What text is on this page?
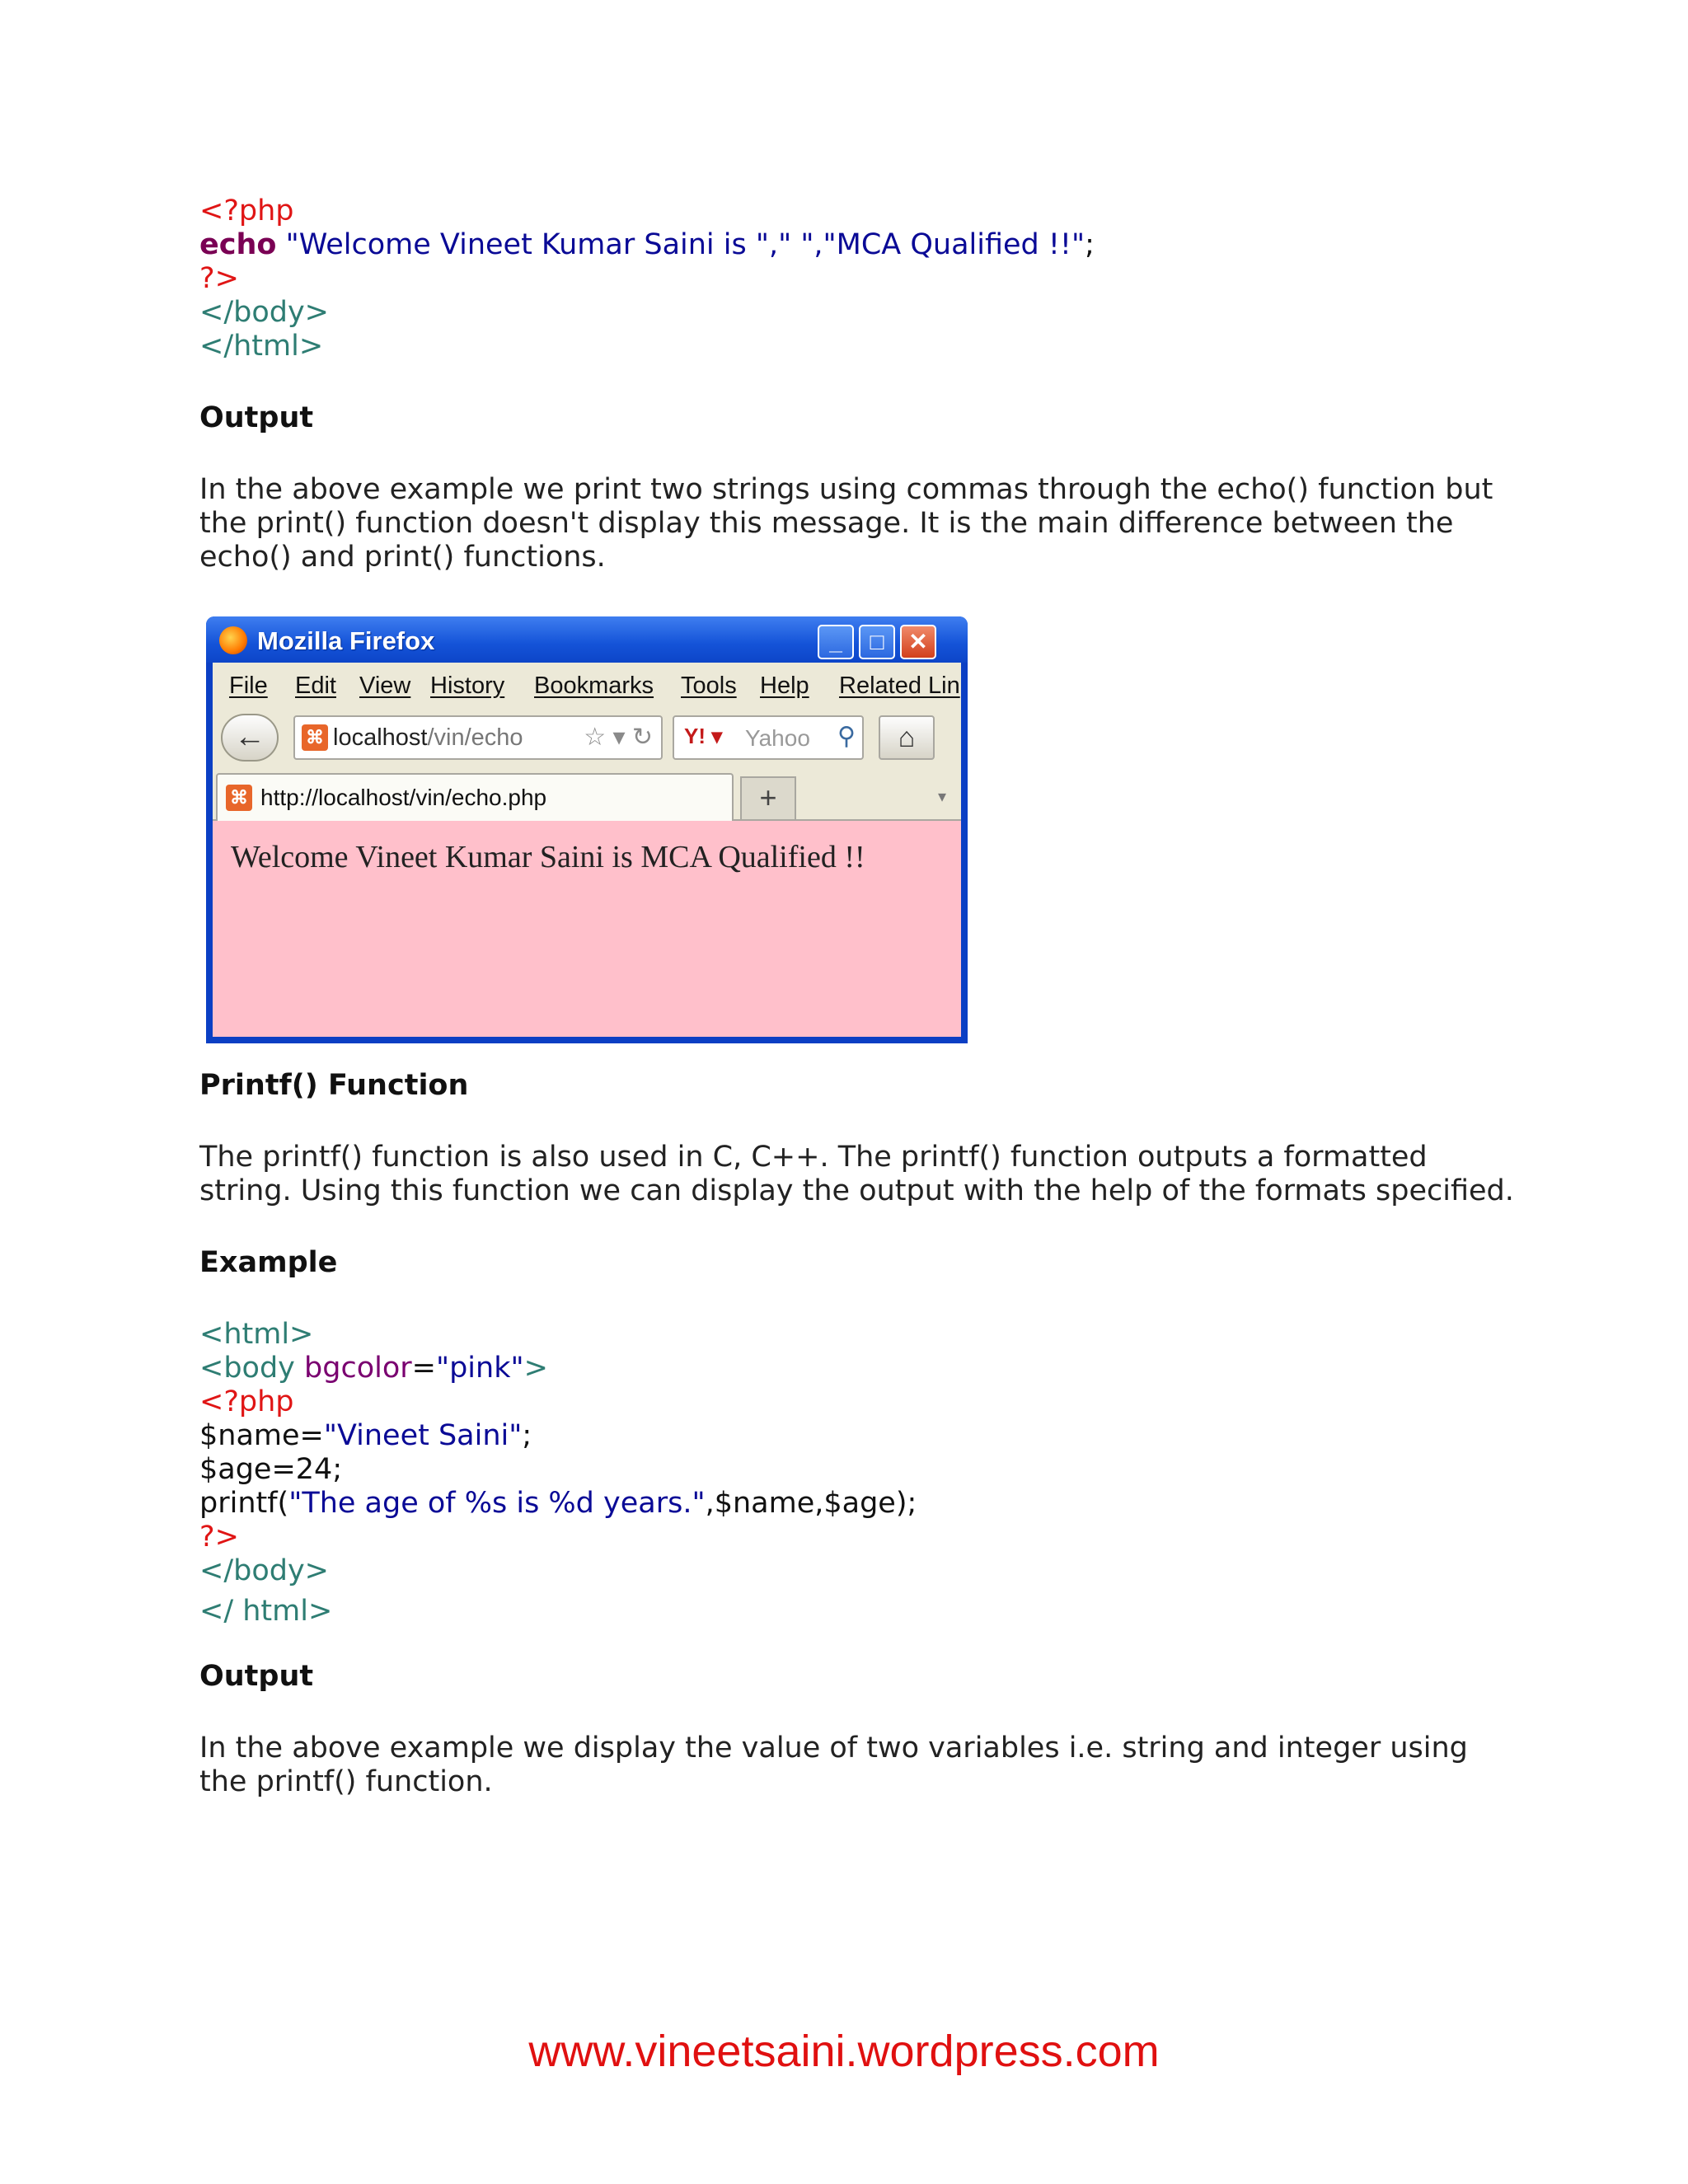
<?php
echo "Welcome Vineet Kumar Saini is "," ","MCA Qualified !!";
?>
</body>
</html>
Output

In the above example we print two strings using commas through the echo() function but the print() function doesn't display this message. It is the main difference between the echo() and print() functions.

Mozilla Firefox	_	□	✕
File Edit View History Bookmarks Tools Help Related Lin
←	⌘ localhost/vin/echo ☆ ▾ ↻ Y! ▾ Yahoo ⚲	⌂
⌘ http://localhost/vin/echo.php	+	▾
Welcome Vineet Kumar Saini is MCA Qualified !!
Printf() Function

The printf() function is also used in C, C++. The printf() function outputs a formatted string. Using this function we can display the output with the help of the formats specified.

Example
<html>
<body bgcolor="pink">
<?php
$name="Vineet Saini";
$age=24;
printf("The age of %s is %d years.",$name,$age);
?>
</body>
</ html>
Output

In the above example we display the value of two variables i.e. string and integer using the printf() function.

www.vineetsaini.wordpress.com
